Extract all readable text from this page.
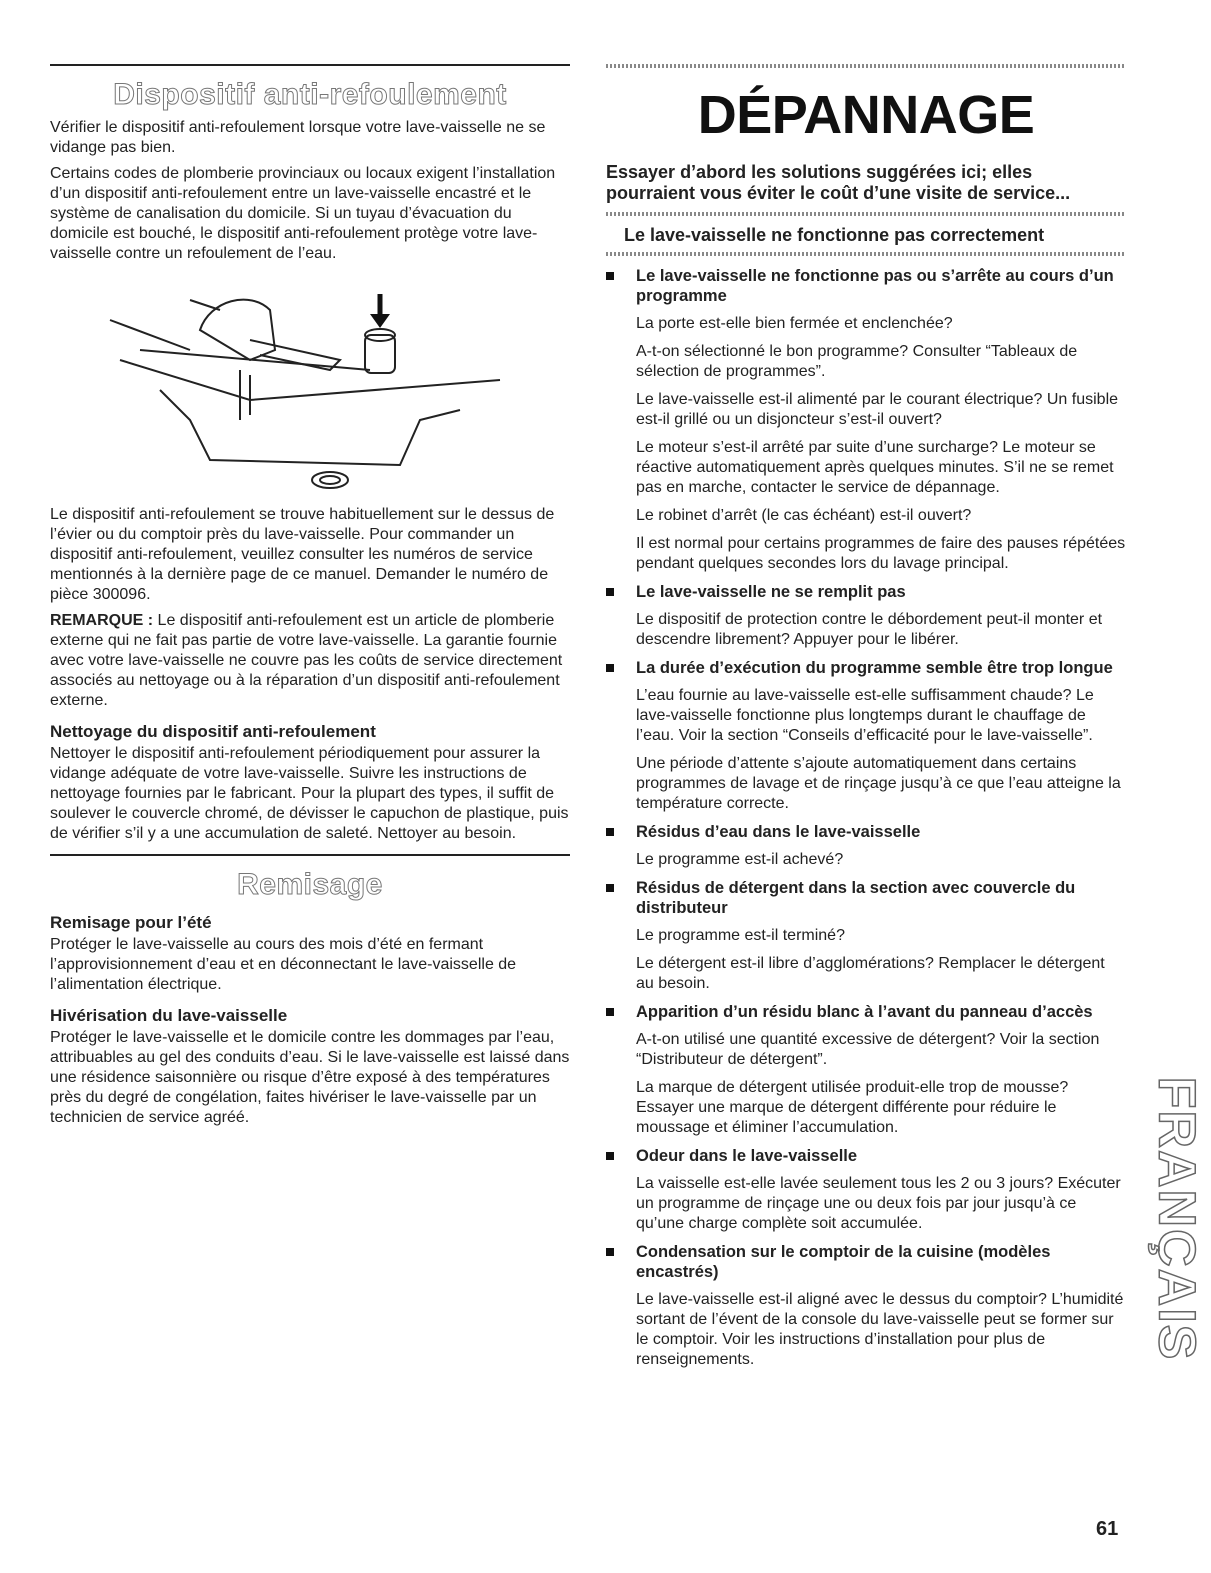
Dispositif anti-refoulement

Vérifier le dispositif anti-refoulement lorsque votre lave-vaisselle ne se vidange pas bien.

Certains codes de plomberie provinciaux ou locaux exigent l’installation d’un dispositif anti-refoulement entre un lave-vaisselle encastré et le système de canalisation du domicile. Si un tuyau d’évacuation du domicile est bouché, le dispositif anti-refoulement protège votre lave-vaisselle contre un refoulement de l’eau.

Le dispositif anti-refoulement se trouve habituellement sur le dessus de l’évier ou du comptoir près du lave-vaisselle. Pour commander un dispositif anti-refoulement, veuillez consulter les numéros de service mentionnés à la dernière page de ce manuel. Demander le numéro de pièce 300096.

REMARQUE : Le dispositif anti-refoulement est un article de plomberie externe qui ne fait pas partie de votre lave-vaisselle. La garantie fournie avec votre lave-vaisselle ne couvre pas les coûts de service directement associés au nettoyage ou à la réparation d’un dispositif anti-refoulement externe.

Nettoyage du dispositif anti-refoulement

Nettoyer le dispositif anti-refoulement périodiquement pour assurer la vidange adéquate de votre lave-vaisselle. Suivre les instructions de nettoyage fournies par le fabricant. Pour la plupart des types, il suffit de soulever le couvercle chromé, de dévisser le capuchon de plastique, puis de vérifier s’il y a une accumulation de saleté. Nettoyer au besoin.

Remisage
Remisage pour l’été

Protéger le lave-vaisselle au cours des mois d’été en fermant l’approvisionnement d’eau et en déconnectant le lave-vaisselle de l’alimentation électrique.

Hivérisation du lave-vaisselle

Protéger le lave-vaisselle et le domicile contre les dommages par l’eau, attribuables au gel des conduits d’eau. Si le lave-vaisselle est laissé dans une résidence saisonnière ou risque d’être exposé à des températures près du degré de congélation, faites hivériser le lave-vaisselle par un technicien de service agréé.

DÉPANNAGE
Essayer d’abord les solutions suggérées ici; elles pourraient vous éviter le coût d’une visite de service...
Le lave-vaisselle ne fonctionne pas correctement
Le lave-vaisselle ne fonctionne pas ou s’arrête au cours d’un programme

La porte est-elle bien fermée et enclenchée?

A-t-on sélectionné le bon programme? Consulter “Tableaux de sélection de programmes”.

Le lave-vaisselle est-il alimenté par le courant électrique? Un fusible est-il grillé ou un disjoncteur s’est-il ouvert?

Le moteur s’est-il arrêté par suite d’une surcharge? Le moteur se réactive automatiquement après quelques minutes. S’il ne se remet pas en marche, contacter le service de dépannage.

Le robinet d’arrêt (le cas échéant) est-il ouvert?

Il est normal pour certains programmes de faire des pauses répétées pendant quelques secondes lors du lavage principal.

Le lave-vaisselle ne se remplit pas

Le dispositif de protection contre le débordement peut-il monter et descendre librement? Appuyer pour le libérer.

La durée d’exécution du programme semble être trop longue

L’eau fournie au lave-vaisselle est-elle suffisamment chaude? Le lave-vaisselle fonctionne plus longtemps durant le chauffage de l’eau. Voir la section “Conseils d’efficacité pour le lave-vaisselle”.

Une période d’attente s’ajoute automatiquement dans certains programmes de lavage et de rinçage jusqu’à ce que l’eau atteigne la température correcte.

Résidus d’eau dans le lave-vaisselle

Le programme est-il achevé?

Résidus de détergent dans la section avec couvercle du distributeur

Le programme est-il terminé?

Le détergent est-il libre d’agglomérations? Remplacer le détergent au besoin.

Apparition d’un résidu blanc à l’avant du panneau d’accès

A-t-on utilisé une quantité excessive de détergent? Voir la section “Distributeur de détergent”.

La marque de détergent utilisée produit-elle trop de mousse? Essayer une marque de détergent différente pour réduire le moussage et éliminer l’accumulation.

Odeur dans le lave-vaisselle

La vaisselle est-elle lavée seulement tous les 2 ou 3 jours? Exécuter un programme de rinçage une ou deux fois par jour jusqu’à ce qu’une charge complète soit accumulée.

Condensation sur le comptoir de la cuisine (modèles encastrés)

Le lave-vaisselle est-il aligné avec le dessus du comptoir? L’humidité sortant de l’évent de la console du lave-vaisselle peut se former sur le comptoir. Voir les instructions d’installation pour plus de renseignements.	FRANÇAIS
61
